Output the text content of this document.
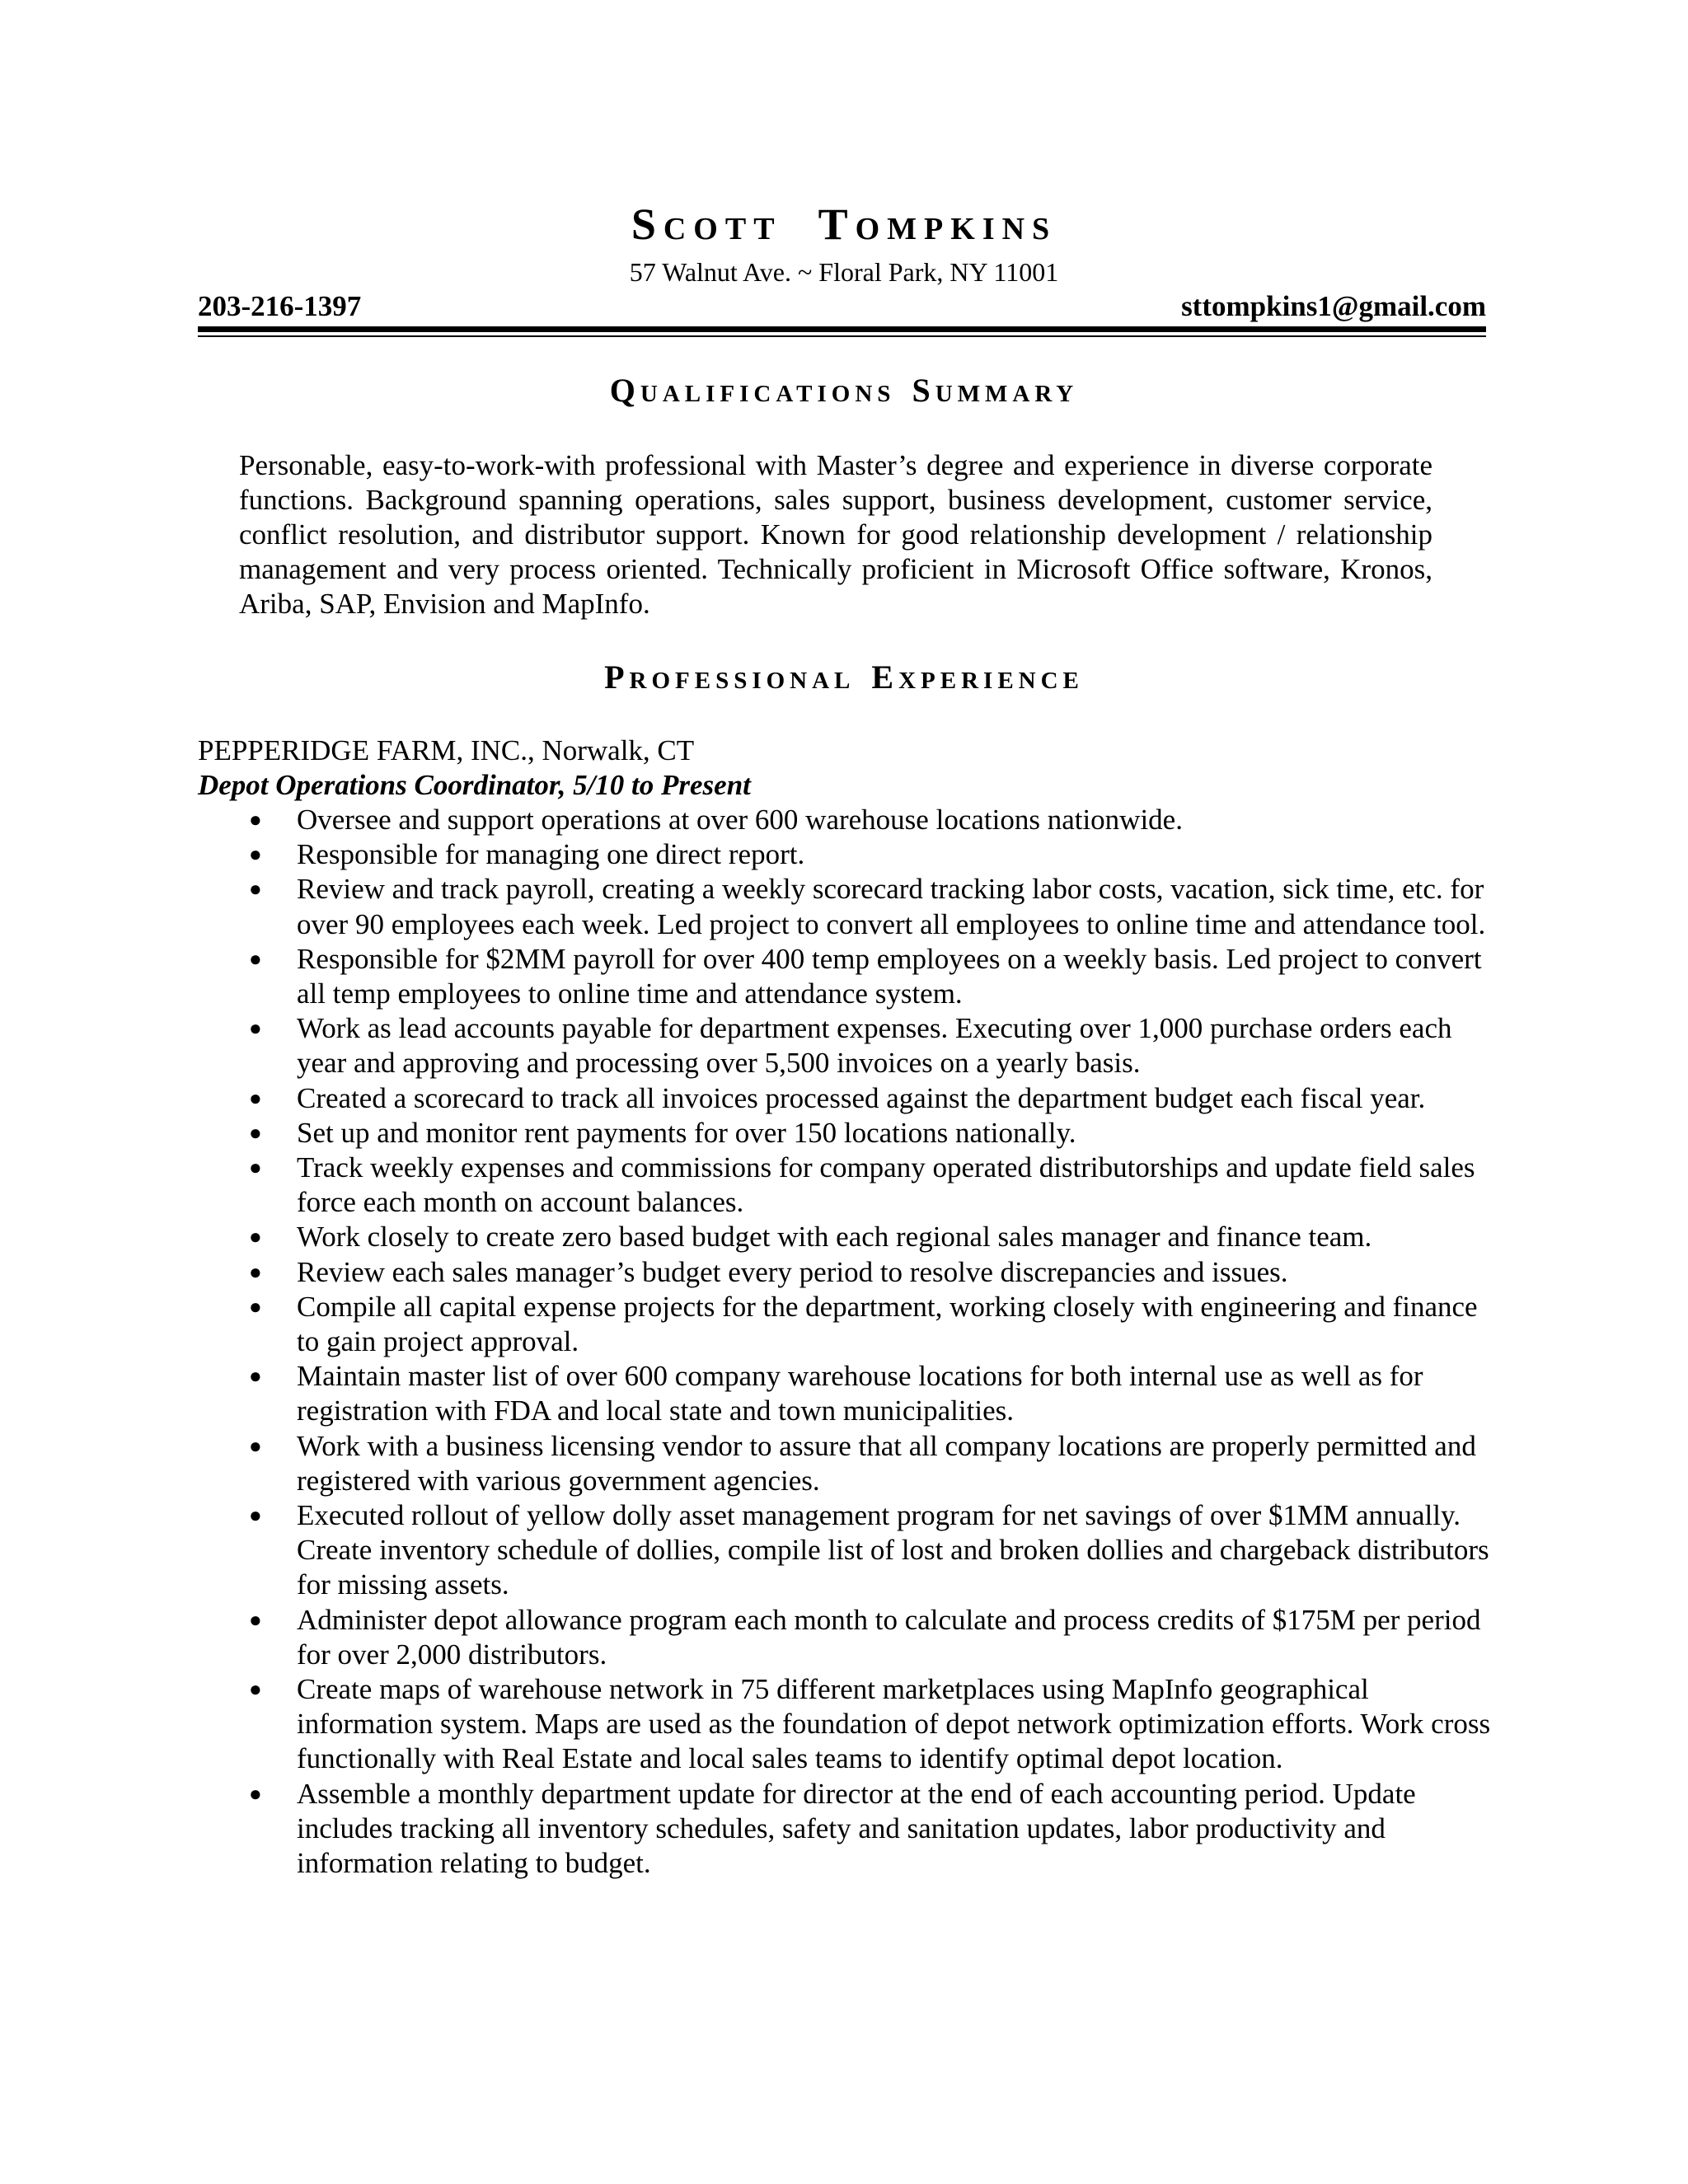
SCOTT TOMPKINS
57 Walnut Ave. ~ Floral Park, NY 11001
203-216-1397	sttompkins1@gmail.com
QUALIFICATIONS SUMMARY
Personable, easy-to-work-with professional with Master’s degree and experience in diverse corporate functions. Background spanning operations, sales support, business development, customer service, conflict resolution, and distributor support. Known for good relationship development / relationship management and very process oriented. Technically proficient in Microsoft Office software, Kronos, Ariba, SAP, Envision and MapInfo.
PROFESSIONAL EXPERIENCE
PEPPERIDGE FARM, INC., Norwalk, CT
Depot Operations Coordinator, 5/10 to Present
● Oversee and support operations at over 600 warehouse locations nationwide.
● Responsible for managing one direct report.
● Review and track payroll, creating a weekly scorecard tracking labor costs, vacation, sick time, etc. for over 90 employees each week. Led project to convert all employees to online time and attendance tool.
● Responsible for $2MM payroll for over 400 temp employees on a weekly basis. Led project to convert all temp employees to online time and attendance system.
● Work as lead accounts payable for department expenses. Executing over 1,000 purchase orders each year and approving and processing over 5,500 invoices on a yearly basis.
● Created a scorecard to track all invoices processed against the department budget each fiscal year.
● Set up and monitor rent payments for over 150 locations nationally.
● Track weekly expenses and commissions for company operated distributorships and update field sales force each month on account balances.
● Work closely to create zero based budget with each regional sales manager and finance team.
● Review each sales manager’s budget every period to resolve discrepancies and issues.
● Compile all capital expense projects for the department, working closely with engineering and finance to gain project approval.
● Maintain master list of over 600 company warehouse locations for both internal use as well as for registration with FDA and local state and town municipalities.
● Work with a business licensing vendor to assure that all company locations are properly permitted and registered with various government agencies.
● Executed rollout of yellow dolly asset management program for net savings of over $1MM annually. Create inventory schedule of dollies, compile list of lost and broken dollies and chargeback distributors for missing assets.
● Administer depot allowance program each month to calculate and process credits of $175M per period for over 2,000 distributors.
● Create maps of warehouse network in 75 different marketplaces using MapInfo geographical information system. Maps are used as the foundation of depot network optimization efforts. Work cross functionally with Real Estate and local sales teams to identify optimal depot location.
● Assemble a monthly department update for director at the end of each accounting period. Update includes tracking all inventory schedules, safety and sanitation updates, labor productivity and information relating to budget.
